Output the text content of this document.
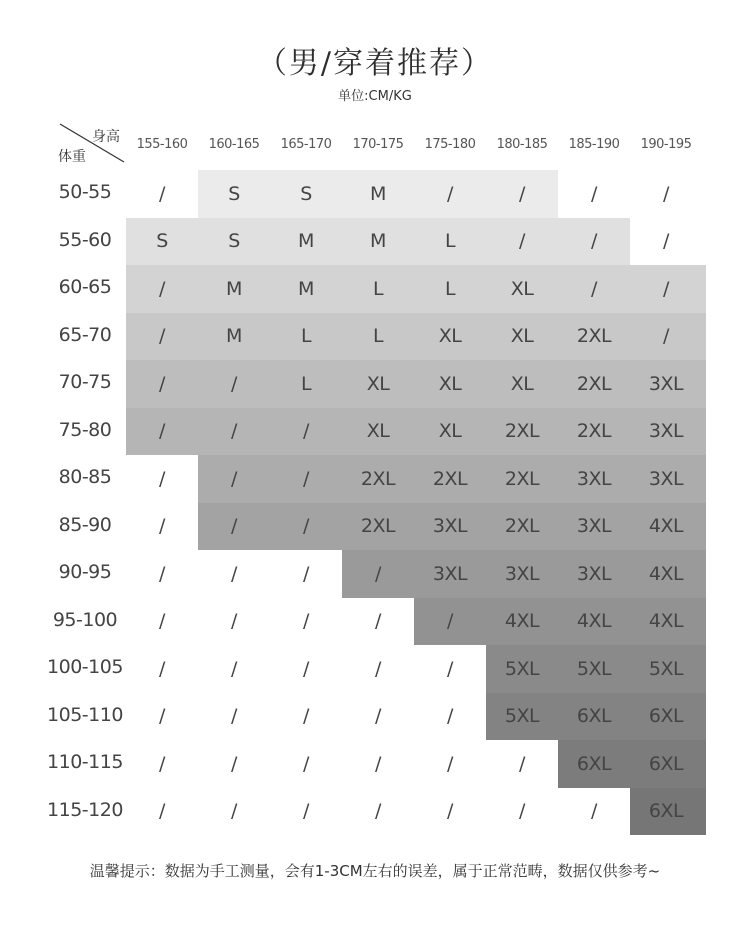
（男/穿着推荐）
单位:CM/KG
身高
体重
155-160	160-165	165-170	170-175	175-180	180-185	185-190	190-195
50-55	/	S	S	M	/	/	/	/
55-60	S	S	M	M	L	/	/	/
60-65	/	M	M	L	L	XL	/	/
65-70	/	M	L	L	XL	XL	2XL	/
70-75	/	/	L	XL	XL	XL	2XL	3XL
75-80	/	/	/	XL	XL	2XL	2XL	3XL
80-85	/	/	/	2XL	2XL	2XL	3XL	3XL
85-90	/	/	/	2XL	3XL	2XL	3XL	4XL
90-95	/	/	/	/	3XL	3XL	3XL	4XL
95-100	/	/	/	/	/	4XL	4XL	4XL
100-105	/	/	/	/	/	5XL	5XL	5XL
105-110	/	/	/	/	/	5XL	6XL	6XL
110-115	/	/	/	/	/	/	6XL	6XL
115-120	/	/	/	/	/	/	/	6XL
温馨提示：数据为手工测量，会有1-3CM左右的误差，属于正常范畴，数据仅供参考~
